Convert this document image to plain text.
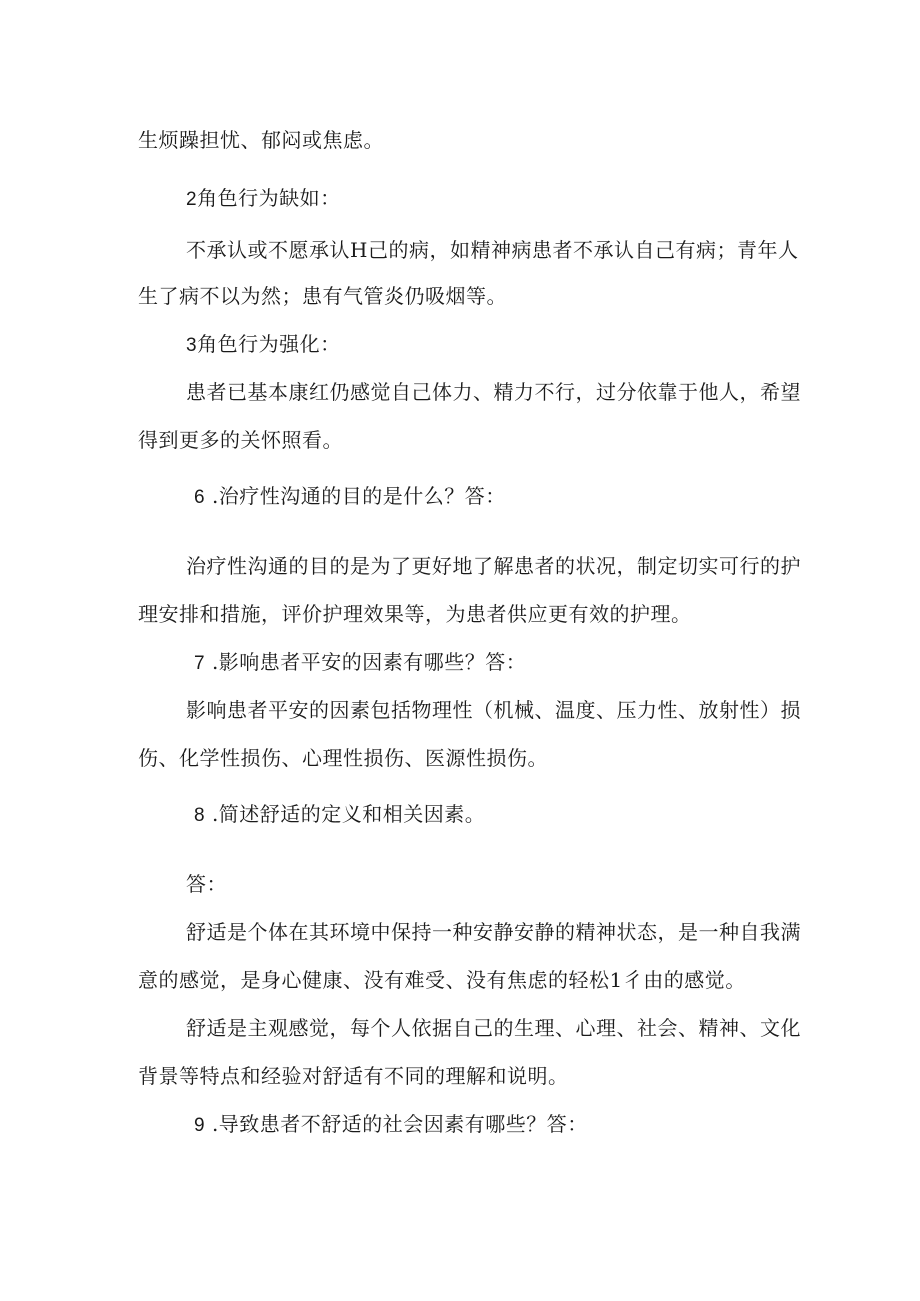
生烦躁担忧、郁闷或焦虑。
2角色行为缺如：
不承认或不愿承认H己的病，如精神病患者不承认自己有病；青年人
生了病不以为然；患有气管炎仍吸烟等。
3角色行为强化：
患者已基本康红仍感觉自己体力、精力不行，过分依靠于他人，希望
得到更多的关怀照看。
6 .治疗性沟通的目的是什么？答：
治疗性沟通的目的是为了更好地了解患者的状况，制定切实可行的护
理安排和措施，评价护理效果等，为患者供应更有效的护理。
7 .影响患者平安的因素有哪些？答：
影响患者平安的因素包括物理性（机械、温度、压力性、放射性）损
伤、化学性损伤、心理性损伤、医源性损伤。
8 .简述舒适的定义和相关因素。
答：
舒适是个体在其环境中保持一种安静安静的精神状态，是一种自我满
意的感觉，是身心健康、没有难受、没有焦虑的轻松1彳由的感觉。
舒适是主观感觉，每个人依据自己的生理、心理、社会、精神、文化
背景等特点和经验对舒适有不同的理解和说明。
9 .导致患者不舒适的社会因素有哪些？答：
